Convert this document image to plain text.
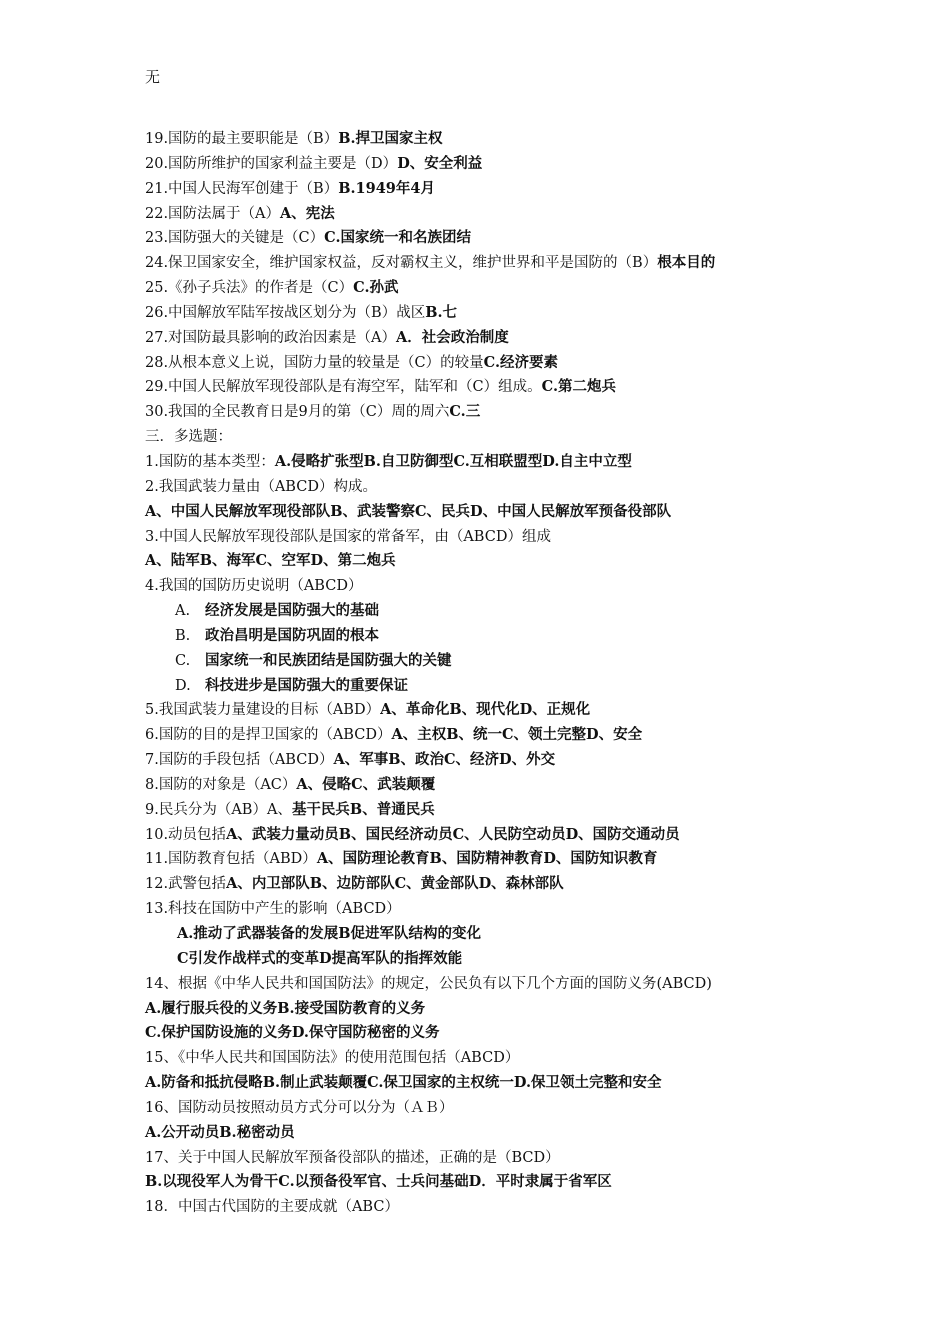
无
19.国防的最主要职能是（B）B.捍卫国家主权
20.国防所维护的国家利益主要是（D）D、安全利益
21.中国人民海军创建于（B）B.1949年4月
22.国防法属于（A）A、宪法
23.国防强大的关键是（C）C.国家统一和名族团结
24.保卫国家安全，维护国家权益，反对霸权主义，维护世界和平是国防的（B）根本目的
25.《孙子兵法》的作者是（C）C.孙武
26.中国解放军陆军按战区划分为（B）战区B.七
27.对国防最具影响的政治因素是（A）A．社会政治制度
28.从根本意义上说，国防力量的较量是（C）的较量C.经济要素
29.中国人民解放军现役部队是有海空军，陆军和（C）组成。C.第二炮兵
30.我国的全民教育日是9月的第（C）周的周六C.三
三．多选题：
1.国防的基本类型：A.侵略扩张型B.自卫防御型C.互相联盟型D.自主中立型
2.我国武装力量由（ABCD）构成。
A、中国人民解放军现役部队B、武装警察C、民兵D、中国人民解放军预备役部队
3.中国人民解放军现役部队是国家的常备军，由（ABCD）组成
A、陆军B、海军C、空军D、第二炮兵
4.我国的国防历史说明（ABCD）
A. 经济发展是国防强大的基础
B. 政治昌明是国防巩固的根本
C. 国家统一和民族团结是国防强大的关键
D. 科技进步是国防强大的重要保证
5.我国武装力量建设的目标（ABD）A、革命化B、现代化D、正规化
6.国防的目的是捍卫国家的（ABCD）A、主权B、统一C、领土完整D、安全
7.国防的手段包括（ABCD）A、军事B、政治C、经济D、外交
8.国防的对象是（AC）A、侵略C、武装颠覆
9.民兵分为（AB）A、基干民兵B、普通民兵
10.动员包括A、武装力量动员B、国民经济动员C、人民防空动员D、国防交通动员
11.国防教育包括（ABD）A、国防理论教育B、国防精神教育D、国防知识教育
12.武警包括A、内卫部队B、边防部队C、黄金部队D、森林部队
13.科技在国防中产生的影响（ABCD）
A.推动了武器装备的发展B促进军队结构的变化
C引发作战样式的变革D提高军队的指挥效能
14、根据《中华人民共和国国防法》的规定，公民负有以下几个方面的国防义务(ABCD)
A.履行服兵役的义务B.接受国防教育的义务
C.保护国防设施的义务D.保守国防秘密的义务
15、《中华人民共和国国防法》的使用范围包括（ABCD）
A.防备和抵抗侵略B.制止武装颠覆C.保卫国家的主权统一D.保卫领土完整和安全
16、国防动员按照动员方式分可以分为（ＡＢ）
A.公开动员B.秘密动员
17、关于中国人民解放军预备役部队的描述，正确的是（BCD）
B.以现役军人为骨干C.以预备役军官、士兵问基础D．平时隶属于省军区
18．中国古代国防的主要成就（ABC）
